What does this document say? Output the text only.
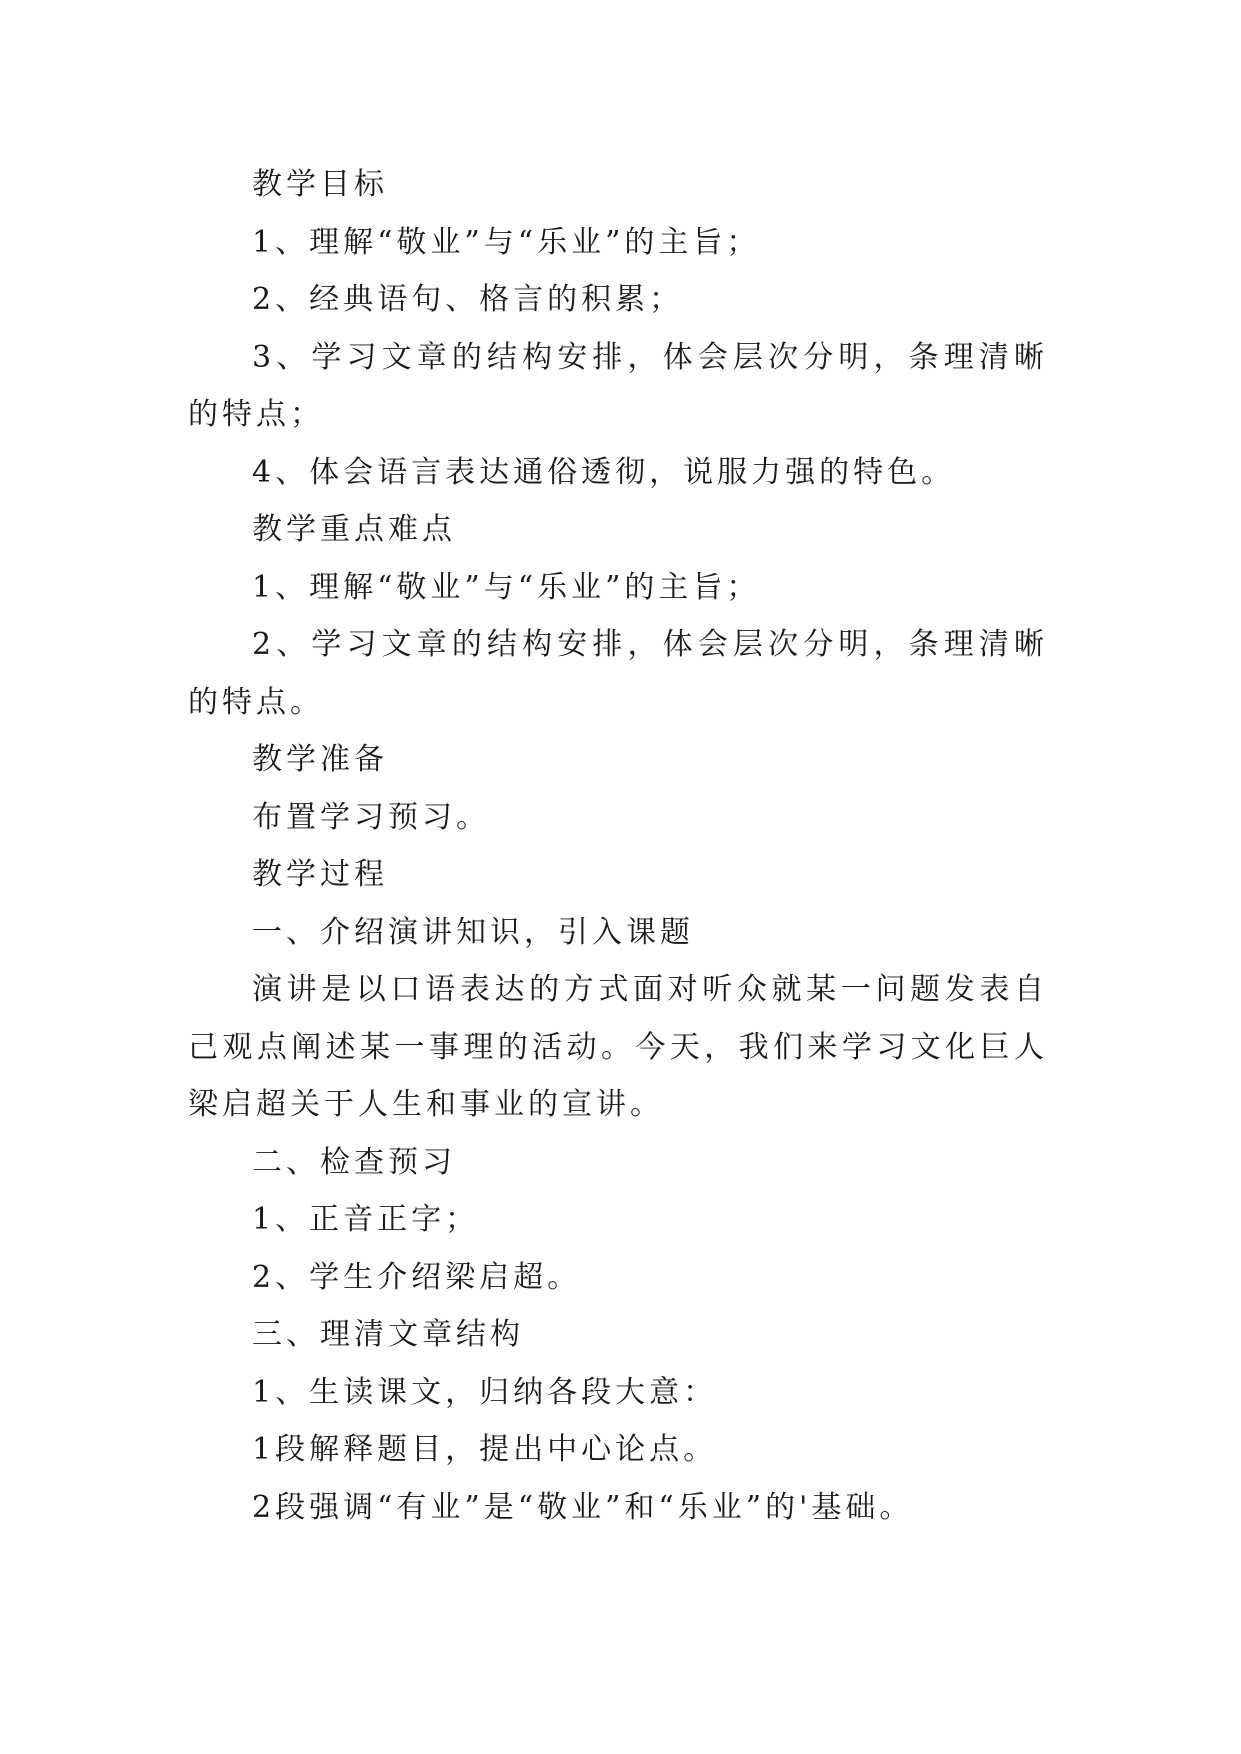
教学目标

1、理解“敬业”与“乐业”的主旨；

2、经典语句、格言的积累；

3、学习文章的结构安排，体会层次分明，条理清晰的特点；

4、体会语言表达通俗透彻，说服力强的特色。

教学重点难点

1、理解“敬业”与“乐业”的主旨；

2、学习文章的结构安排，体会层次分明，条理清晰的特点。

教学准备

布置学习预习。

教学过程

一、介绍演讲知识，引入课题

演讲是以口语表达的方式面对听众就某一问题发表自己观点阐述某一事理的活动。今天，我们来学习文化巨人梁启超关于人生和事业的宣讲。

二、检查预习

1、正音正字；

2、学生介绍梁启超。

三、理清文章结构

1、生读课文，归纳各段大意：

1段解释题目，提出中心论点。

2段强调“有业”是“敬业”和“乐业”的'基础。
